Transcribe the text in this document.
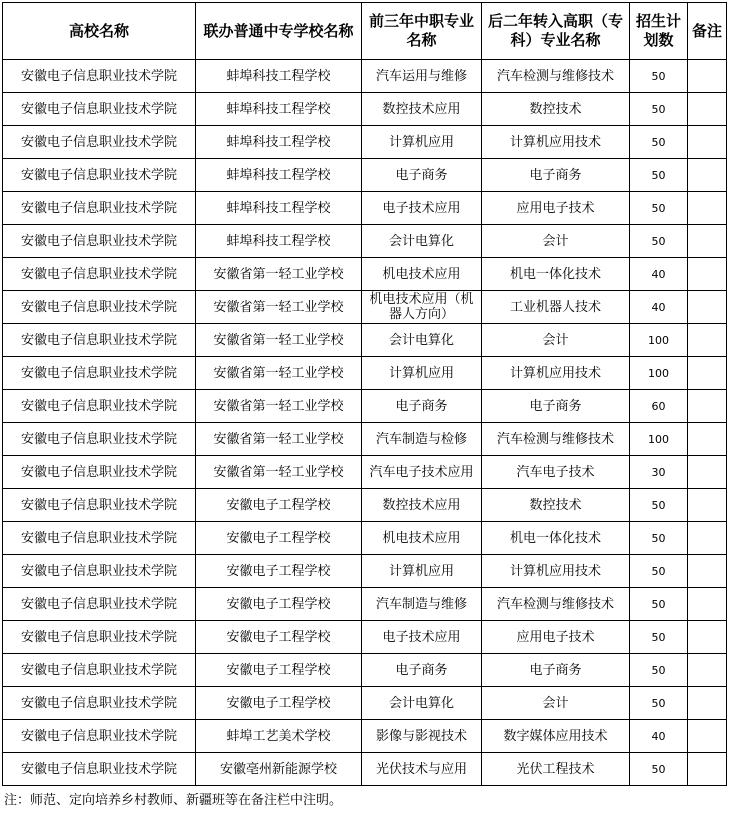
高校名称	联办普通中专学校名称	前三年中职专业名称	后二年转入高职（专科）专业名称	招生计划数	备注
安徽电子信息职业技术学院	蚌埠科技工程学校	汽车运用与维修	汽车检测与维修技术	50	
安徽电子信息职业技术学院	蚌埠科技工程学校	数控技术应用	数控技术	50	
安徽电子信息职业技术学院	蚌埠科技工程学校	计算机应用	计算机应用技术	50	
安徽电子信息职业技术学院	蚌埠科技工程学校	电子商务	电子商务	50	
安徽电子信息职业技术学院	蚌埠科技工程学校	电子技术应用	应用电子技术	50	
安徽电子信息职业技术学院	蚌埠科技工程学校	会计电算化	会计	50	
安徽电子信息职业技术学院	安徽省第一轻工业学校	机电技术应用	机电一体化技术	40	
安徽电子信息职业技术学院	安徽省第一轻工业学校	机电技术应用（机器人方向）	工业机器人技术	40	
安徽电子信息职业技术学院	安徽省第一轻工业学校	会计电算化	会计	100	
安徽电子信息职业技术学院	安徽省第一轻工业学校	计算机应用	计算机应用技术	100	
安徽电子信息职业技术学院	安徽省第一轻工业学校	电子商务	电子商务	60	
安徽电子信息职业技术学院	安徽省第一轻工业学校	汽车制造与检修	汽车检测与维修技术	100	
安徽电子信息职业技术学院	安徽省第一轻工业学校	汽车电子技术应用	汽车电子技术	30	
安徽电子信息职业技术学院	安徽电子工程学校	数控技术应用	数控技术	50	
安徽电子信息职业技术学院	安徽电子工程学校	机电技术应用	机电一体化技术	50	
安徽电子信息职业技术学院	安徽电子工程学校	计算机应用	计算机应用技术	50	
安徽电子信息职业技术学院	安徽电子工程学校	汽车制造与维修	汽车检测与维修技术	50	
安徽电子信息职业技术学院	安徽电子工程学校	电子技术应用	应用电子技术	50	
安徽电子信息职业技术学院	安徽电子工程学校	电子商务	电子商务	50	
安徽电子信息职业技术学院	安徽电子工程学校	会计电算化	会计	50	
安徽电子信息职业技术学院	蚌埠工艺美术学校	影像与影视技术	数字媒体应用技术	40	
安徽电子信息职业技术学院	安徽亳州新能源学校	光伏技术与应用	光伏工程技术	50	
注：师范、定向培养乡村教师、新疆班等在备注栏中注明。
